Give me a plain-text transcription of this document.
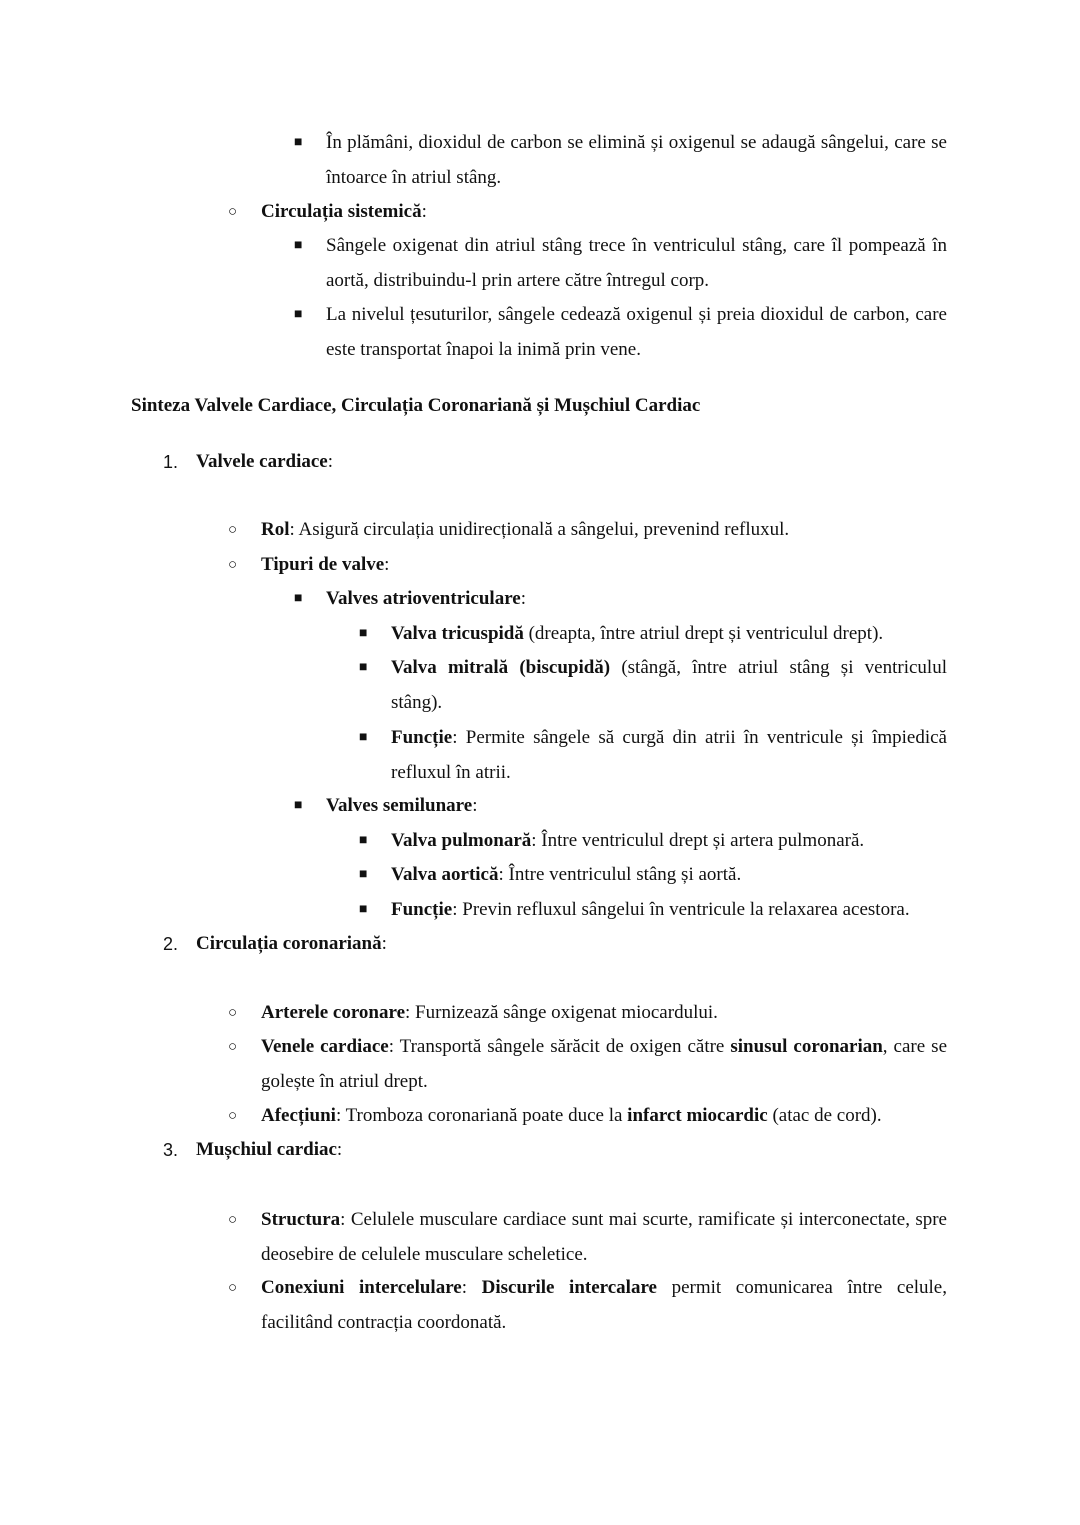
■ În plămâni, dioxidul de carbon se elimină și oxigenul se adaugă sângelui, care se întoarce în atriul stâng.
○ Circulația sistemică:
■ Sângele oxigenat din atriul stâng trece în ventriculul stâng, care îl pompează în aortă, distribuindu-l prin artere către întregul corp.
■ La nivelul țesuturilor, sângele cedează oxigenul și preia dioxidul de carbon, care este transportat înapoi la inimă prin vene.
Sinteza Valvele Cardiace, Circulația Coronariană și Mușchiul Cardiac
1. Valvele cardiace:
○ Rol: Asigură circulația unidirecțională a sângelui, prevenind refluxul.
○ Tipuri de valve:
■ Valves atrioventriculare:
■ Valva tricuspidă (dreapta, între atriul drept și ventriculul drept).
■ Valva mitrală (biscupidă) (stângă, între atriul stâng și ventriculul stâng).
■ Funcție: Permite sângele să curgă din atrii în ventricule și împiedică refluxul în atrii.
■ Valves semilunare:
■ Valva pulmonară: Între ventriculul drept și artera pulmonară.
■ Valva aortică: Între ventriculul stâng și aortă.
■ Funcție: Previn refluxul sângelui în ventricule la relaxarea acestora.
2. Circulația coronariană:
○ Arterele coronare: Furnizează sânge oxigenat miocardului.
○ Venele cardiace: Transportă sângele sărăcit de oxigen către sinusul coronarian, care se golește în atriul drept.
○ Afecțiuni: Tromboza coronariană poate duce la infarct miocardic (atac de cord).
3. Mușchiul cardiac:
○ Structura: Celulele musculare cardiace sunt mai scurte, ramificate și interconectate, spre deosebire de celulele musculare scheletice.
○ Conexiuni intercelulare: Discurile intercalare permit comunicarea între celule, facilitând contracția coordonată.
